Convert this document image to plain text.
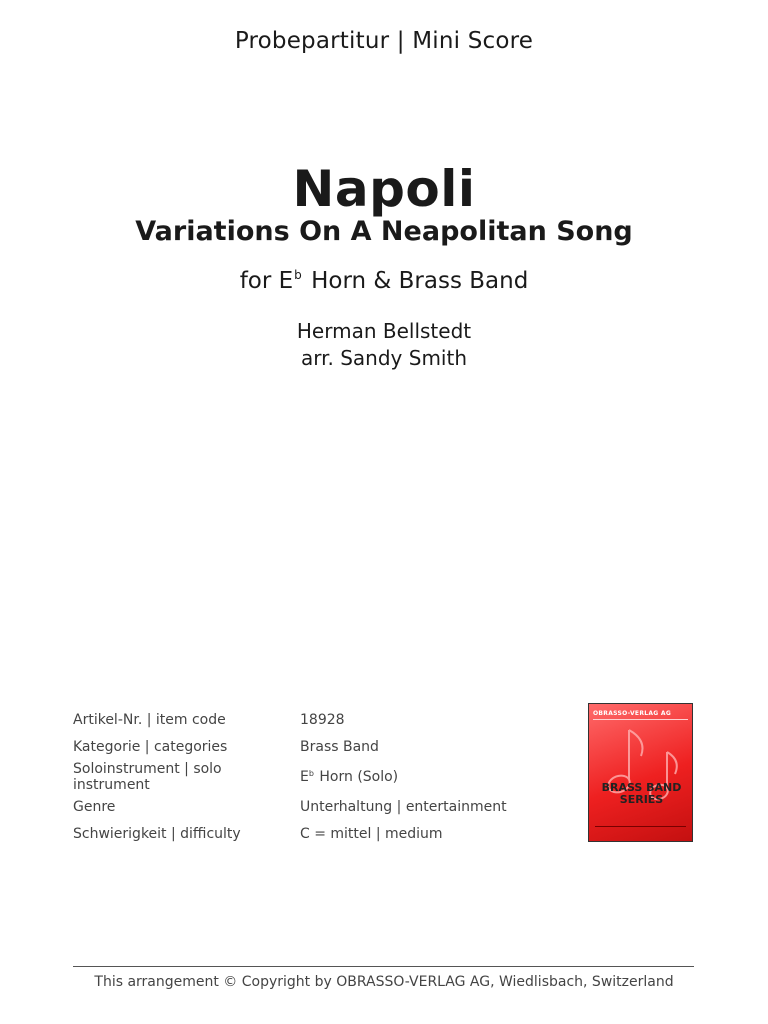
Probepartitur | Mini Score
Napoli
Variations On A Neapolitan Song
for $E^b$ Horn & Brass Band
Herman Bellstedt
arr. Sandy Smith
Artikel-Nr. | item code	18928
Kategorie | categories	Brass Band
Soloinstrument | solo instrument	$E^b$ Horn (Solo)
Genre	Unterhaltung | entertainment
Schwierigkeit | difficulty	C = mittel | medium
OBRASSO-VERLAG AG
BRASS BAND
SERIES
This arrangement © Copyright by OBRASSO-VERLAG AG, Wiedlisbach, Switzerland
